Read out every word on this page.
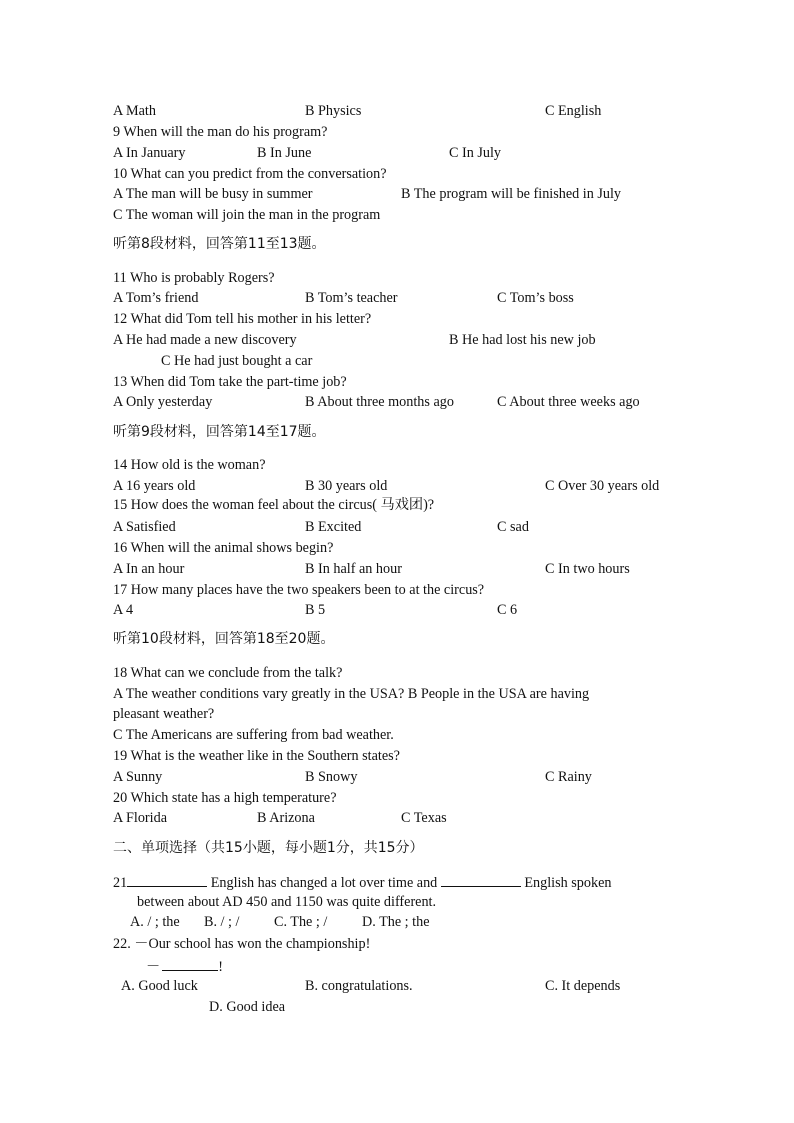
A Math	B Physics	C English
9 When will the man do his program?
A In January	B In June	C In July
10 What can you predict from the conversation?
A The man will be busy in summer	B The program will be finished in July
C The woman will join the man in the program
听第8段材料，回答第11至13题。
11 Who is probably Rogers?
A Tom’s friend	B Tom’s teacher	C Tom’s boss
12 What did Tom tell his mother in his letter?
A He had made a new discovery	B He had lost his new job
C He had just bought a car
13 When did Tom take the part-time job?
A Only yesterday	B About three months ago	C About three weeks ago
听第9段材料，回答第14至17题。
14 How old is the woman?
A 16 years old	B 30 years old	C Over 30 years old
15 How does the woman feel about the circus( 马戏团)?
A Satisfied	B Excited	C sad
16 When will the animal shows begin?
A In an hour	B In half an hour	C In two hours
17 How many places have the two speakers been to at the circus?
A 4	B 5	C 6
听第10段材料，回答第18至20题。
18 What can we conclude from the talk?
A The weather conditions vary greatly in the USA? B People in the USA are having
pleasant weather?
C The Americans are suffering from bad weather.
19 What is the weather like in the Southern states?
A Sunny	B Snowy	C Rainy
20 Which state has a high temperature?
A Florida	B Arizona	C Texas
二、单项选择（共15小题，每小题1分，共15分）
21	English has changed a lot over time and	English spoken
between about AD 450 and 1150 was quite different.
A. / ; the B. / ; / C. The ; / D. The ; the
22. －Our school has won the championship!
－	!
A. Good luck	B. congratulations.	C. It depends
D. Good idea
